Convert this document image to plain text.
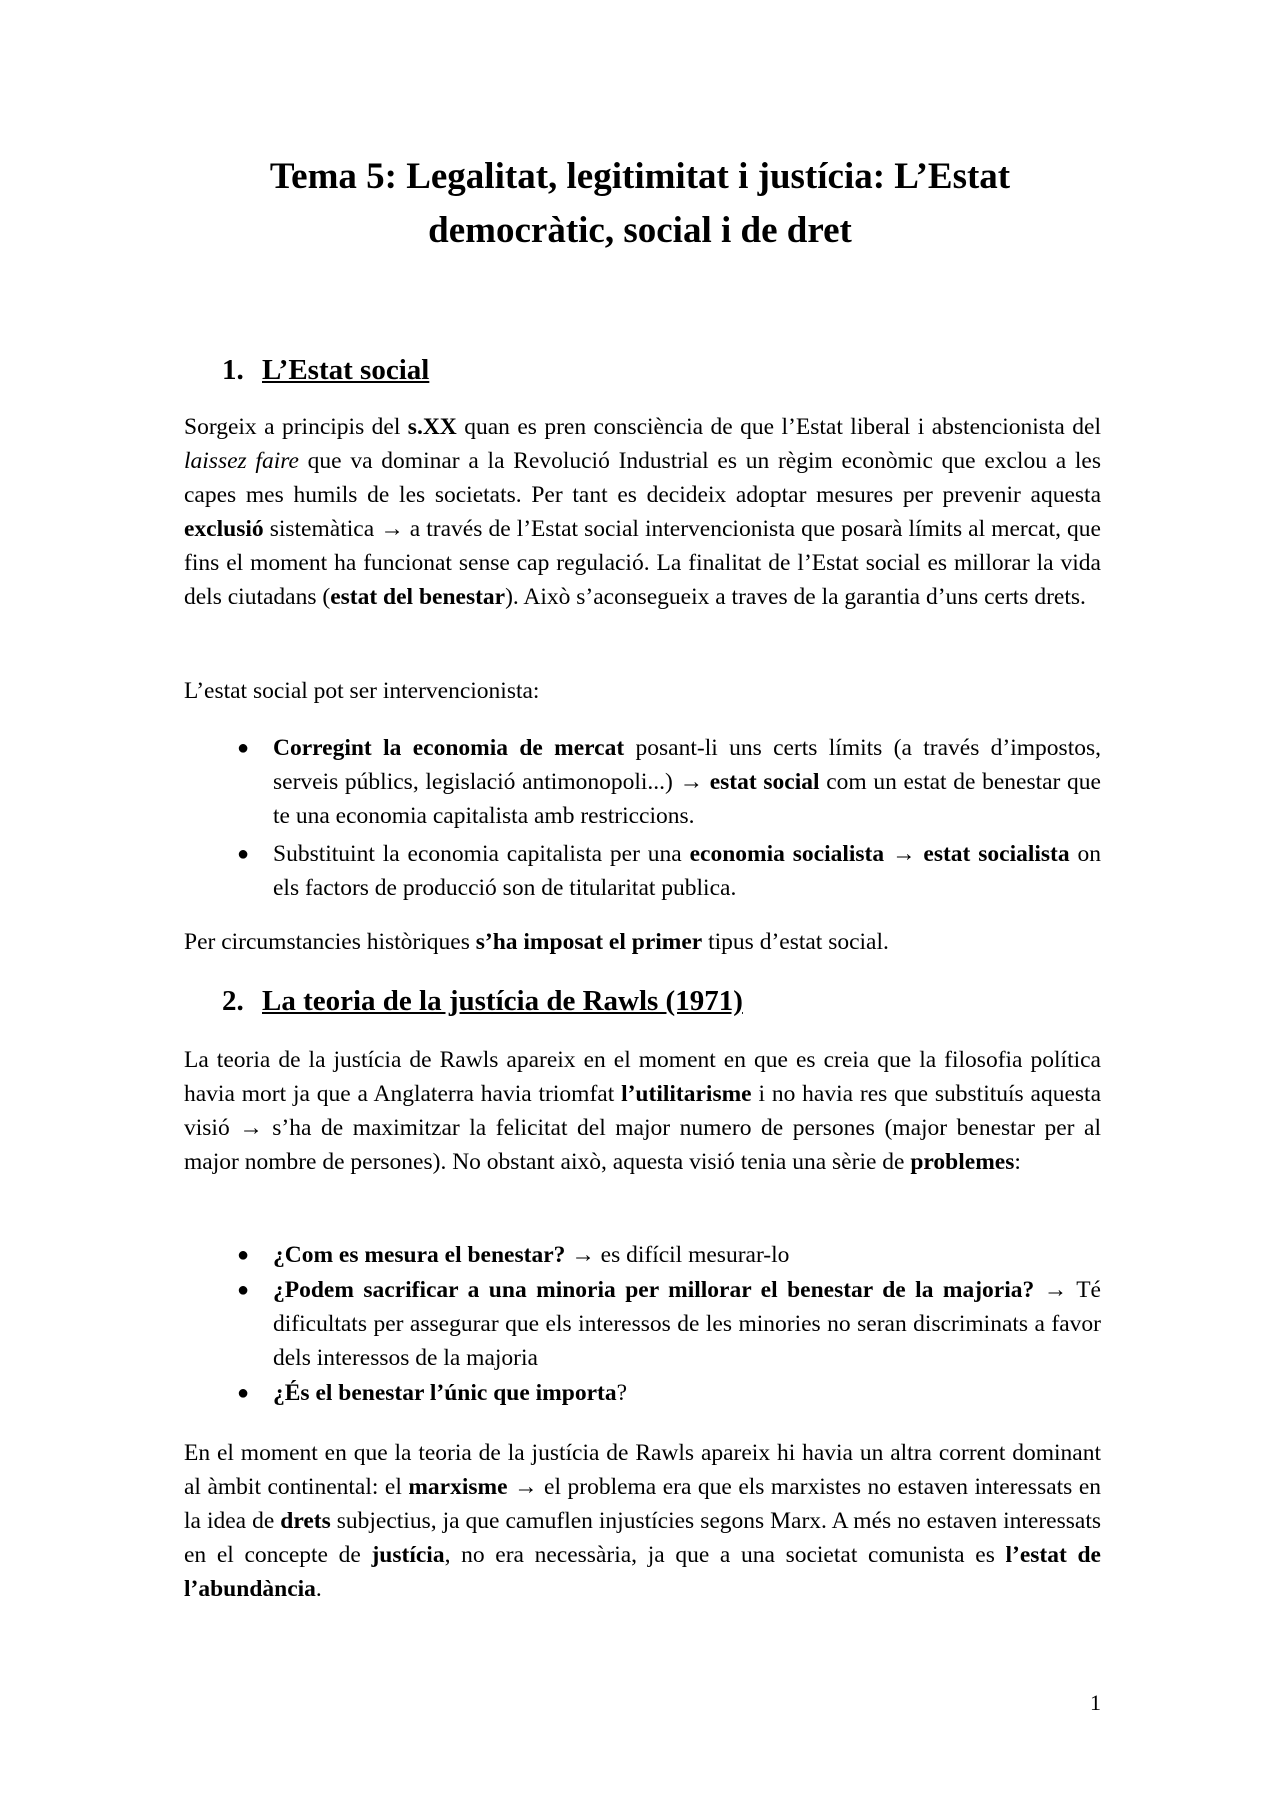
Tema 5: Legalitat, legitimitat i justícia: L’Estat
democràtic, social i de dret
1. L’Estat social

Sorgeix a principis del s.XX quan es pren consciència de que l’Estat liberal i abstencionista del laissez faire que va dominar a la Revolució Industrial es un règim econòmic que exclou a les capes mes humils de les societats. Per tant es decideix adoptar mesures per prevenir aquesta exclusió sistemàtica → a través de l’Estat social intervencionista que posarà límits al mercat, que fins el moment ha funcionat sense cap regulació. La finalitat de l’Estat social es millorar la vida dels ciutadans (estat del benestar). Això s’aconsegueix a traves de la garantia d’uns certs drets.

L’estat social pot ser intervencionista:

● Corregint la economia de mercat posant-li uns certs límits (a través d’impostos, serveis públics, legislació antimonopoli...) → estat social com un estat de benestar que te una economia capitalista amb restriccions.
● Substituint la economia capitalista per una economia socialista → estat socialista on els factors de producció son de titularitat publica.

Per circumstancies històriques s’ha imposat el primer tipus d’estat social.

2. La teoria de la justícia de Rawls (1971)

La teoria de la justícia de Rawls apareix en el moment en que es creia que la filosofia política havia mort ja que a Anglaterra havia triomfat l’utilitarisme i no havia res que substituís aquesta visió → s’ha de maximitzar la felicitat del major numero de persones (major benestar per al major nombre de persones). No obstant això, aquesta visió tenia una sèrie de problemes:

● ¿Com es mesura el benestar? → es difícil mesurar-lo
● ¿Podem sacrificar a una minoria per millorar el benestar de la majoria? → Té dificultats per assegurar que els interessos de les minories no seran discriminats a favor dels interessos de la majoria
● ¿És el benestar l’únic que importa?

En el moment en que la teoria de la justícia de Rawls apareix hi havia un altra corrent dominant al àmbit continental: el marxisme → el problema era que els marxistes no estaven interessats en la idea de drets subjectius, ja que camuflen injustícies segons Marx. A més no estaven interessats en el concepte de justícia, no era necessària, ja que a una societat comunista es l’estat de l’abundància.

1
